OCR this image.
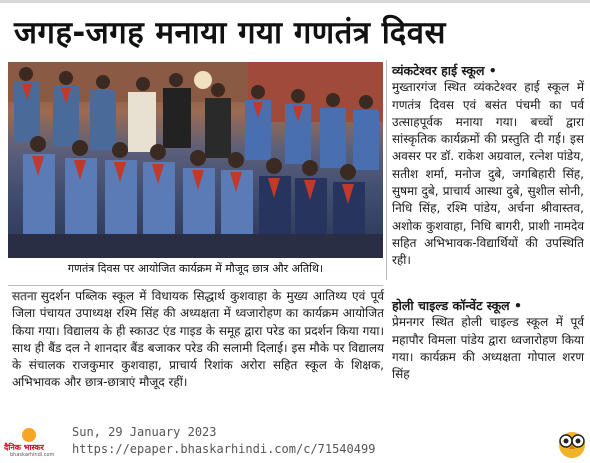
जगह-जगह मनाया गया गणतंत्र दिवस
गणतंत्र दिवस पर आयोजित कार्यक्रम में मौजूद छात्र और अतिथि।

व्यंकटेश्वर हाई स्कूल •

मुख्तारगंज स्थित व्यंकटेश्वर हाई स्कूल में गणतंत्र दिवस एवं बसंत पंचमी का पर्व उत्साहपूर्वक मनाया गया। बच्चों द्वारा सांस्कृतिक कार्यक्रमों की प्रस्तुति दी गई। इस अवसर पर डॉ. राकेश अग्रवाल, रत्नेश पांडेय, सतीश शर्मा, मनोज दुबे, जगबिहारी सिंह, सुषमा दुबे, प्राचार्य आस्था दुबे, सुशील सोनी, निधि सिंह, रश्मि पांडेय, अर्चना श्रीवास्तव, अशोक कुशवाहा, निधि बागरी, प्राशी नामदेव सहित अभिभावक-विद्यार्थियों की उपस्थिति रही।

सतना सुदर्शन पब्लिक स्कूल में विधायक सिद्धार्थ कुशवाहा के मुख्य आतिथ्य एवं पूर्व जिला पंचायत उपाध्यक्ष रश्मि सिंह की अध्यक्षता में ध्वजारोहण का कार्यक्रम आयोजित किया गया। विद्यालय के ही स्काउट एंड गाइड के समूह द्वारा परेड का प्रदर्शन किया गया। साथ ही बैंड दल ने शानदार बैंड बजाकर परेड की सलामी दिलाई। इस मौके पर विद्यालय के संचालक राजकुमार कुशवाहा, प्राचार्य रिशांक अरोरा सहित स्कूल के शिक्षक, अभिभावक और छात्र-छात्राएं मौजूद रहीं।

होली चाइल्ड कॉन्वेंट स्कूल •

प्रेमनगर स्थित होली चाइल्ड स्कूल में पूर्व महापौर विमला पांडेय द्वारा ध्वजारोहण किया गया। कार्यक्रम की अध्यक्षता गोपाल शरण सिंह

दैनिक भास्कर
bhaskarhindi.com
Sun, 29 January 2023
https://epaper.bhaskarhindi.com/c/71540499
